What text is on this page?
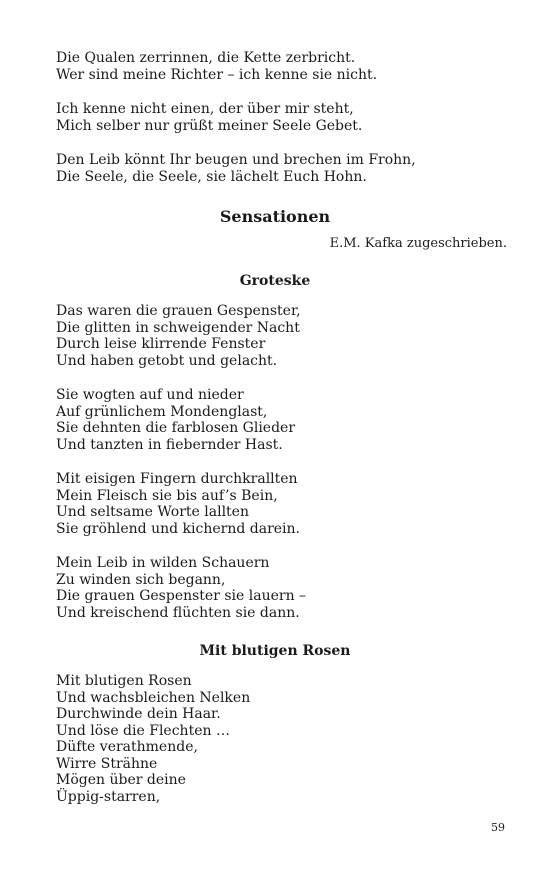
Die Qualen zerrinnen, die Kette zerbricht.
Wer sind meine Richter – ich kenne sie nicht.
Ich kenne nicht einen, der über mir steht,
Mich selber nur grüßt meiner Seele Gebet.
Den Leib könnt Ihr beugen und brechen im Frohn,
Die Seele, die Seele, sie lächelt Euch Hohn.
Sensationen
E.M. Kafka zugeschrieben.
Groteske
Das waren die grauen Gespenster,
Die glitten in schweigender Nacht
Durch leise klirrende Fenster
Und haben getobt und gelacht.
Sie wogten auf und nieder
Auf grünlichem Mondenglast,
Sie dehnten die farblosen Glieder
Und tanzten in fiebernder Hast.
Mit eisigen Fingern durchkrallten
Mein Fleisch sie bis auf’s Bein,
Und seltsame Worte lallten
Sie gröhlend und kichernd darein.
Mein Leib in wilden Schauern
Zu winden sich begann,
Die grauen Gespenster sie lauern –
Und kreischend flüchten sie dann.
Mit blutigen Rosen
Mit blutigen Rosen
Und wachsbleichen Nelken
Durchwinde dein Haar.
Und löse die Flechten …
Düfte verathmende,
Wirre Strähne
Mögen über deine
Üppig-starren,
59
